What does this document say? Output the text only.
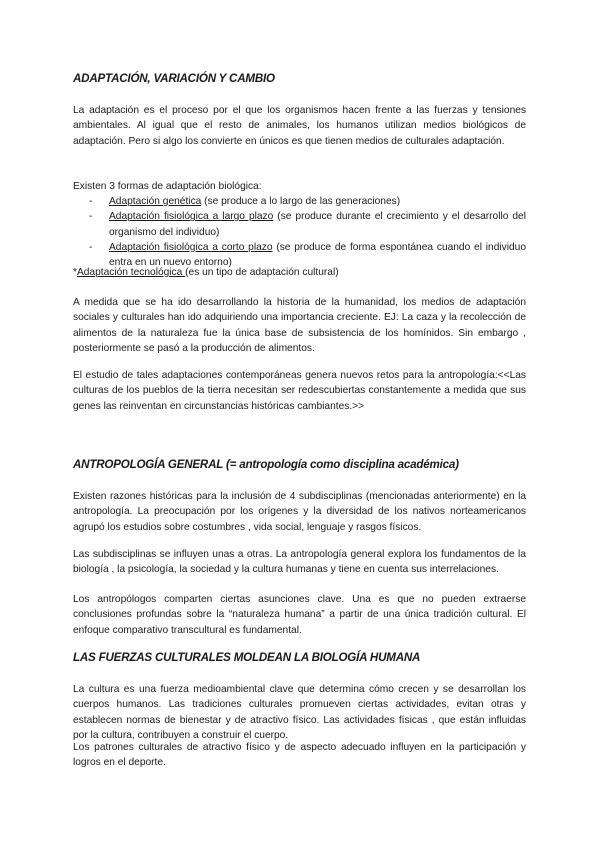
ADAPTACIÓN, VARIACIÓN Y CAMBIO

La adaptación es el proceso por el que los organismos hacen frente a las fuerzas y tensiones ambientales. Al igual que el resto de animales, los humanos utilizan medios biológicos de adaptación. Pero si algo los convierte en únicos es que tienen medios de culturales adaptación.

Existen 3 formas de adaptación biológica:

- Adaptación genética (se produce a lo largo de las generaciones)
- Adaptación fisiológica a largo plazo (se produce durante el crecimiento y el desarrollo del organismo del individuo)
- Adaptación fisiológica a corto plazo (se produce de forma espontánea cuando el individuo entra en un nuevo entorno)

*Adaptación tecnológica (es un tipo de adaptación cultural)

A medida que se ha ido desarrollando la historia de la humanidad, los medios de adaptación sociales y culturales han ido adquiriendo una importancia creciente. EJ: La caza y la recolección de alimentos de la naturaleza fue la única base de subsistencia de los homínidos. Sin embargo , posteriormente se pasó a la producción de alimentos.

El estudio de tales adaptaciones contemporáneas genera nuevos retos para la antropología:<<Las culturas de los pueblos de la tierra necesitan ser redescubiertas constantemente a medida que sus genes las reinventan en circunstancias históricas cambiantes.>>

ANTROPOLOGÍA GENERAL (= antropología como disciplina académica)

Existen razones históricas para la inclusión de 4 subdisciplinas (mencionadas anteriormente) en la antropología. La preocupación por los orígenes y la diversidad de los nativos norteamericanos agrupó los estudios sobre costumbres , vida social, lenguaje y rasgos físicos.

Las subdisciplinas se influyen unas a otras. La antropología general explora los fundamentos de la biología , la psicología, la sociedad y la cultura humanas y tiene en cuenta sus interrelaciones.

Los antropólogos comparten ciertas asunciones clave. Una es que no pueden extraerse conclusiones profundas sobre la “naturaleza humana” a partir de una única tradición cultural. El enfoque comparativo transcultural es fundamental.

LAS FUERZAS CULTURALES MOLDEAN LA BIOLOGÍA HUMANA

La cultura es una fuerza medioambiental clave que determina cómo crecen y se desarrollan los cuerpos humanos. Las tradiciones culturales promueven ciertas actividades, evitan otras y establecen normas de bienestar y de atractivo físico. Las actividades físicas , que están influidas por la cultura, contribuyen a construir el cuerpo.

Los patrones culturales de atractivo físico y de aspecto adecuado influyen en la participación y logros en el deporte.
